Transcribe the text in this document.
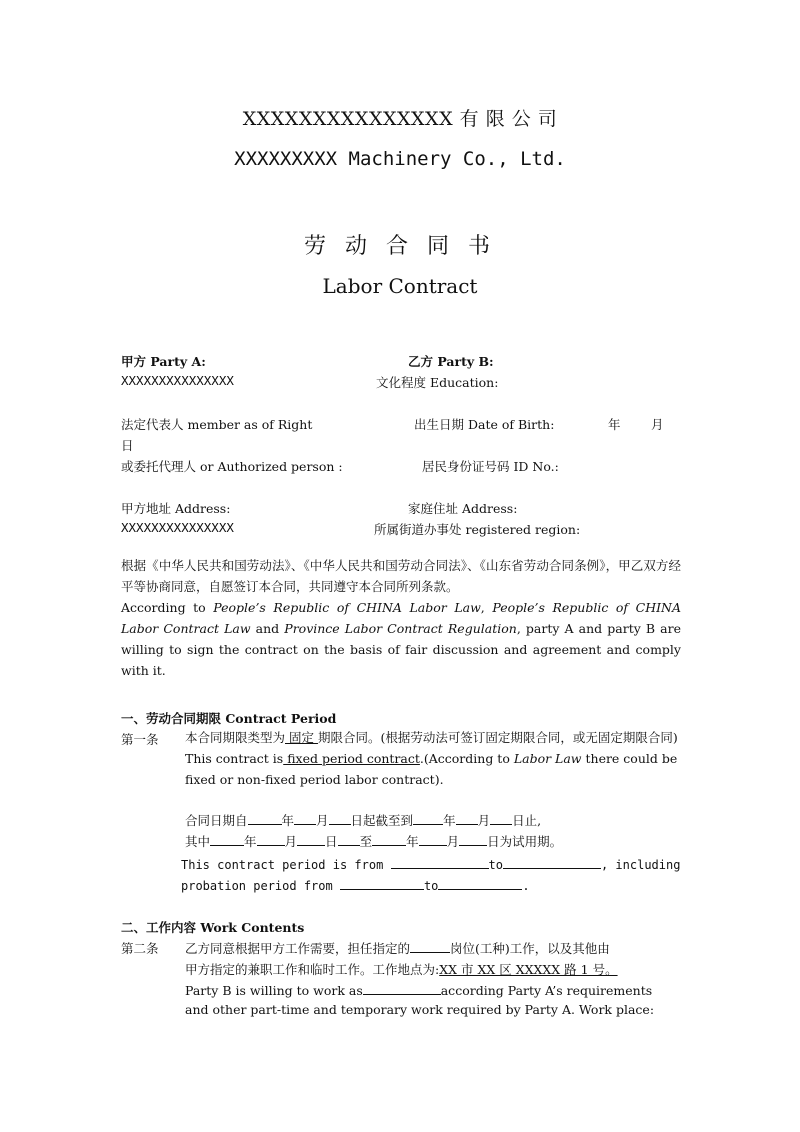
XXXXXXXXXXXXXXX 有 限 公 司
XXXXXXXXX Machinery Co., Ltd.
劳 动 合 同 书
Labor Contract
甲方 Party A:	乙方 Party B:
XXXXXXXXXXXXXXX	文化程度 Education:
法定代表人 member as of Right	出生日期 Date of Birth:	年 月
日
或委托代理人 or Authorized person :	居民身份证号码 ID No.:
甲方地址 Address:	家庭住址 Address:
XXXXXXXXXXXXXXX	所属街道办事处 registered region:
根据《中华人民共和国劳动法》、《中华人民共和国劳动合同法》、《山东省劳动合同条例》，甲乙双方经平等协商同意，自愿签订本合同，共同遵守本合同所列条款。
According to People’s Republic of CHINA Labor Law, People’s Republic of CHINA Labor Contract Law and Province Labor Contract Regulation, party A and party B are willing to sign the contract on the basis of fair discussion and agreement and comply with it.
一、劳动合同期限 Contract Period
第一条 本合同期限类型为 固定 期限合同。(根据劳动法可签订固定期限合同，或无固定期限合同)
This contract is fixed period contract.(According to Labor Law there could be fixed or non-fixed period labor contract).
合同日期自	年 月 日起截至到 年 月 日止,
其中	年 月 日 至	年 月 日为试用期。
This contract period is from	to	, including
probation period from	to	.
二、工作内容 Work Contents
第二条 乙方同意根据甲方工作需要，担任指定的	岗位(工种)工作，以及其他由
甲方指定的兼职工作和临时工作。工作地点为:XX 市 XX 区 XXXXX 路 1 号。
Party B is willing to work as	according Party A’s requirements
and other part-time and temporary work required by Party A. Work place:
